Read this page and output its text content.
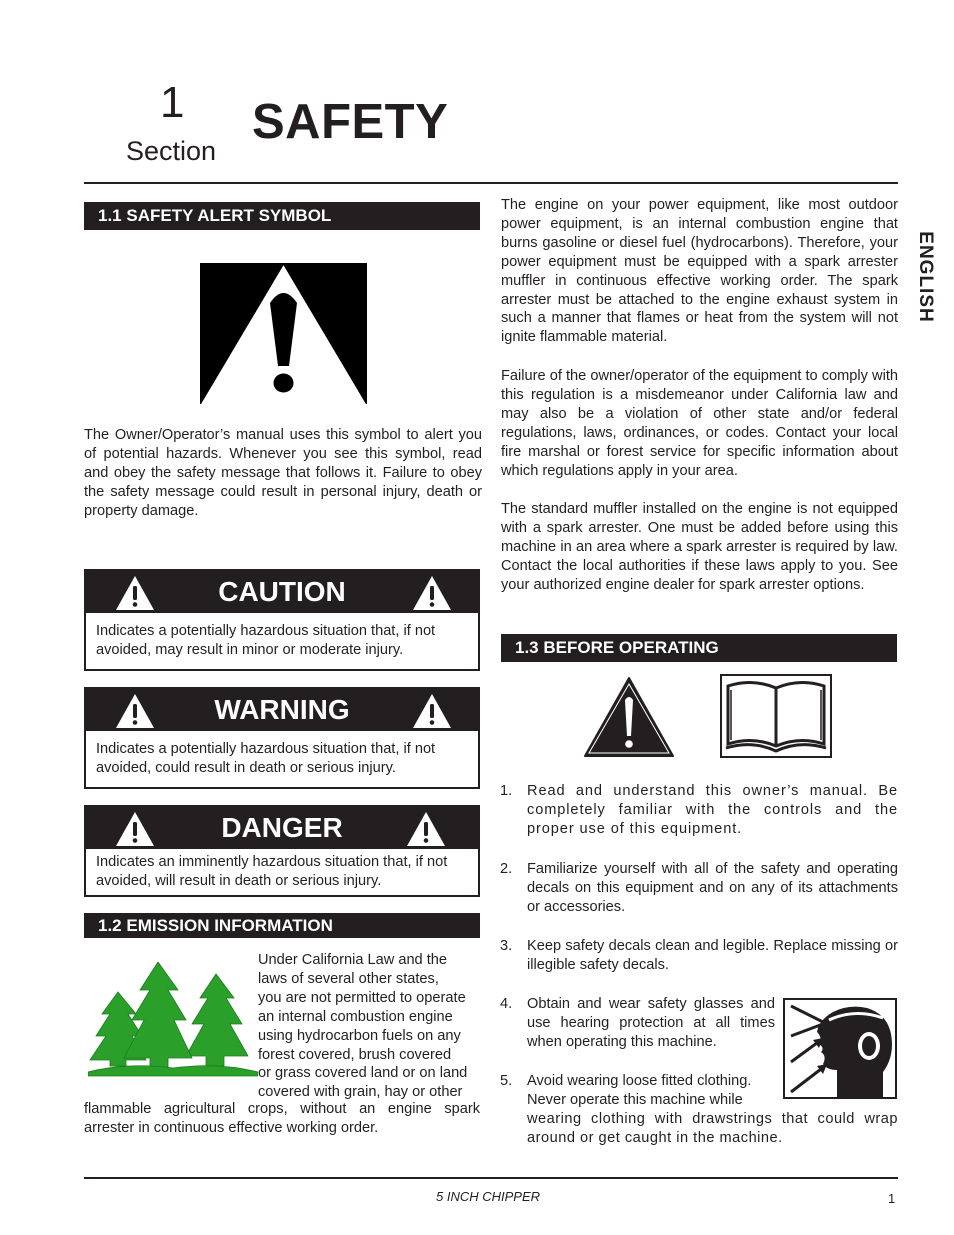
1
Section
SAFETY
ENGLISH
1.1 SAFETY ALERT SYMBOL
The Owner/Operator’s manual uses this symbol to alert you of potential hazards. Whenever you see this symbol, read and obey the safety message that follows it. Failure to obey the safety message could result in personal injury, death or property damage.
CAUTION
Indicates a potentially hazardous situation that, if not avoided, may result in minor or moderate injury.
WARNING
Indicates a potentially hazardous situation that, if not avoided, could result in death or serious injury.
DANGER
Indicates an imminently hazardous situation that, if not avoided, will result in death or serious injury.
1.2 EMISSION INFORMATION
Under California Law and the
laws of several other states,
you are not permitted to operate
an internal combustion engine
using hydrocarbon fuels on any
forest covered, brush covered
or grass covered land or on land
covered with grain, hay or other
flammable agricultural crops, without an engine spark arrester in continuous effective working order.
The engine on your power equipment, like most outdoor power equipment, is an internal combustion engine that burns gasoline or diesel fuel (hydrocarbons). Therefore, your power equipment must be equipped with a spark arrester muffler in continuous effective working order. The spark arrester must be attached to the engine exhaust system in such a manner that flames or heat from the system will not ignite flammable material.
Failure of the owner/operator of the equipment to comply with this regulation is a misdemeanor under California law and may also be a violation of other state and/or federal regulations, laws, ordinances, or codes. Contact your local fire marshal or forest service for specific information about which regulations apply in your area.
The standard muffler installed on the engine is not equipped with a spark arrester. One must be added before using this machine in an area where a spark arrester is required by law. Contact the local authorities if these laws apply to you. See your authorized engine dealer for spark arrester options.
1.3 BEFORE OPERATING
1. Read and understand this owner’s manual. Be completely familiar with the controls and the proper use of this equipment.
2. Familiarize yourself with all of the safety and operating decals on this equipment and on any of its attachments or accessories.
3. Keep safety decals clean and legible. Replace missing or illegible safety decals.
4. Obtain and wear safety glasses and use hearing protection at all times when operating this machine.
5. Avoid wearing loose fitted clothing.
Never operate this machine while
wearing clothing with drawstrings that could wrap around or get caught in the machine.
5 INCH CHIPPER	1
